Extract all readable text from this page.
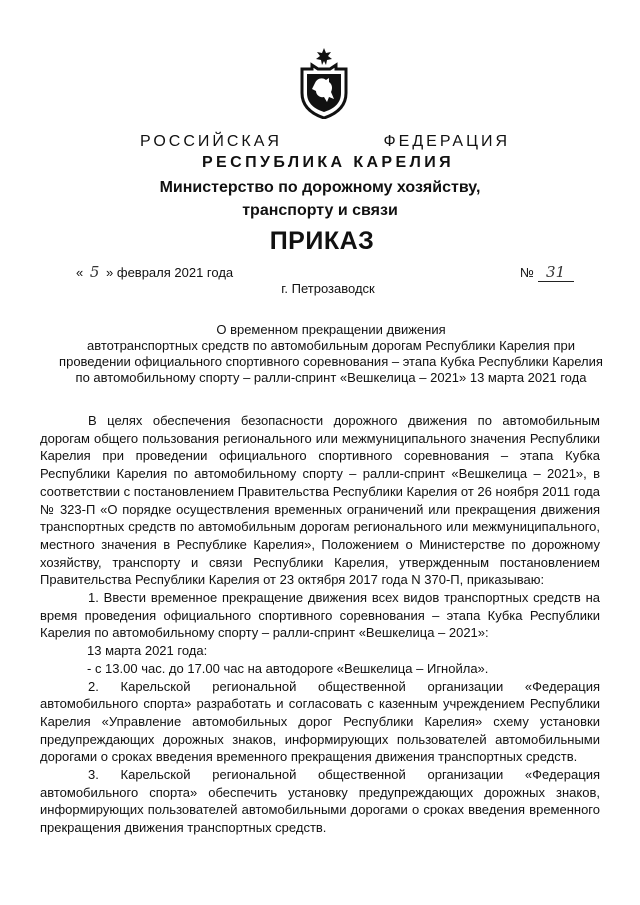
РОССИЙСКАЯ	ФЕДЕРАЦИЯ
РЕСПУБЛИКА КАРЕЛИЯ
Министерство по дорожному хозяйству,
транспорту и связи
ПРИКАЗ
« 5 » февраля 2021 года	№ 31
г. Петрозаводск
О временном прекращении движения
автотранспортных средств по автомобильным дорогам Республики Карелия при
проведении официального спортивного соревнования – этапа Кубка Республики Карелия
по автомобильному спорту – ралли-спринт «Вешкелица – 2021» 13 марта 2021 года

В целях обеспечения безопасности дорожного движения по автомобильным дорогам общего пользования регионального или межмуниципального значения Республики Карелия при проведении официального спортивного соревнования – этапа Кубка Республики Карелия по автомобильному спорту – ралли-спринт «Вешкелица – 2021», в соответствии с постановлением Правительства Республики Карелия от 26 ноября 2011 года № 323-П «О порядке осуществления временных ограничений или прекращения движения транспортных средств по автомобильным дорогам регионального или межмуниципального, местного значения в Республике Карелия», Положением о Министерстве по дорожному хозяйству, транспорту и связи Республики Карелия, утвержденным постановлением Правительства Республики Карелия от 23 октября 2017 года N 370-П, приказываю:

1. Ввести временное прекращение движения всех видов транспортных средств на время проведения официального спортивного соревнования – этапа Кубка Республики Карелия по автомобильному спорту – ралли-спринт «Вешкелица – 2021»:

13 марта 2021 года:

- с 13.00 час. до 17.00 час на автодороге «Вешкелица – Игнойла».

2. Карельской региональной общественной организации «Федерация автомобильного спорта» разработать и согласовать с казенным учреждением Республики Карелия «Управление автомобильных дорог Республики Карелия» схему установки предупреждающих дорожных знаков, информирующих пользователей автомобильными дорогами о сроках введения временного прекращения движения транспортных средств.

3. Карельской региональной общественной организации «Федерация автомобильного спорта» обеспечить установку предупреждающих дорожных знаков, информирующих пользователей автомобильными дорогами о сроках введения временного прекращения движения транспортных средств.
